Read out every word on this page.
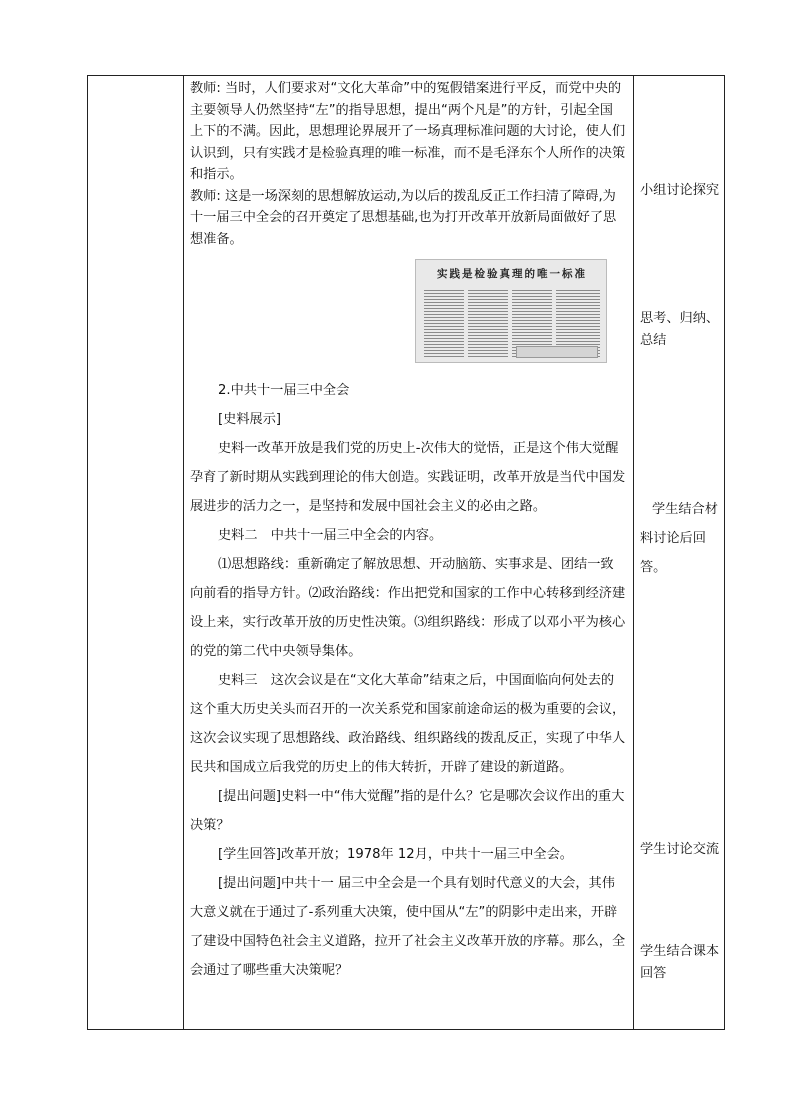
教师: 当时，人们要求对“文化大革命”中的冤假错案进行平反，而党中央的主要领导人仍然坚持“左”的指导思想，提出“两个凡是”的方针，引起全国上下的不满。因此，思想理论界展开了一场真理标准问题的大讨论，使人们认识到，只有实践才是检验真理的唯一标准，而不是毛泽东个人所作的决策和指示。

教师: 这是一场深刻的思想解放运动,为以后的拨乱反正工作扫清了障碍,为十一届三中全会的召开奠定了思想基础,也为打开改革开放新局面做好了思想准备。

实践是检验真理的唯一标准

2.中共十一届三中全会

[史料展示]

史料一改革开放是我们党的历史上-次伟大的觉悟，正是这个伟大觉醒孕育了新时期从实践到理论的伟大创造。实践证明，改革开放是当代中国发展进步的活力之一，是坚持和发展中国社会主义的必由之路。

史料二　中共十一届三中全会的内容。

⑴思想路线：重新确定了解放思想、开动脑筋、实事求是、团结一致向前看的指导方针。⑵政治路线：作出把党和国家的工作中心转移到经济建设上来，实行改革开放的历史性决策。⑶组织路线：形成了以邓小平为核心的党的第二代中央领导集体。

史料三　这次会议是在“文化大革命”结束之后，中国面临向何处去的这个重大历史关头而召开的一次关系党和国家前途命运的极为重要的会议，这次会议实现了思想路线、政治路线、组织路线的拨乱反正，实现了中华人民共和国成立后我党的历史上的伟大转折，开辟了建设的新道路。

[提出问题]史料一中“伟大觉醒”指的是什么？它是哪次会议作出的重大决策？

[学生回答]改革开放；1978年 12月，中共十一届三中全会。

[提出问题]中共十一 届三中全会是一个具有划时代意义的大会，其伟大意义就在于通过了-系列重大决策，使中国从“左”的阴影中走出来，开辟了建设中国特色社会主义道路，拉开了社会主义改革开放的序幕。那么，全会通过了哪些重大决策呢？

小组讨论探究
思考、归纳、总结
学生结合材料讨论后回答。
学生讨论交流
学生结合课本回答
